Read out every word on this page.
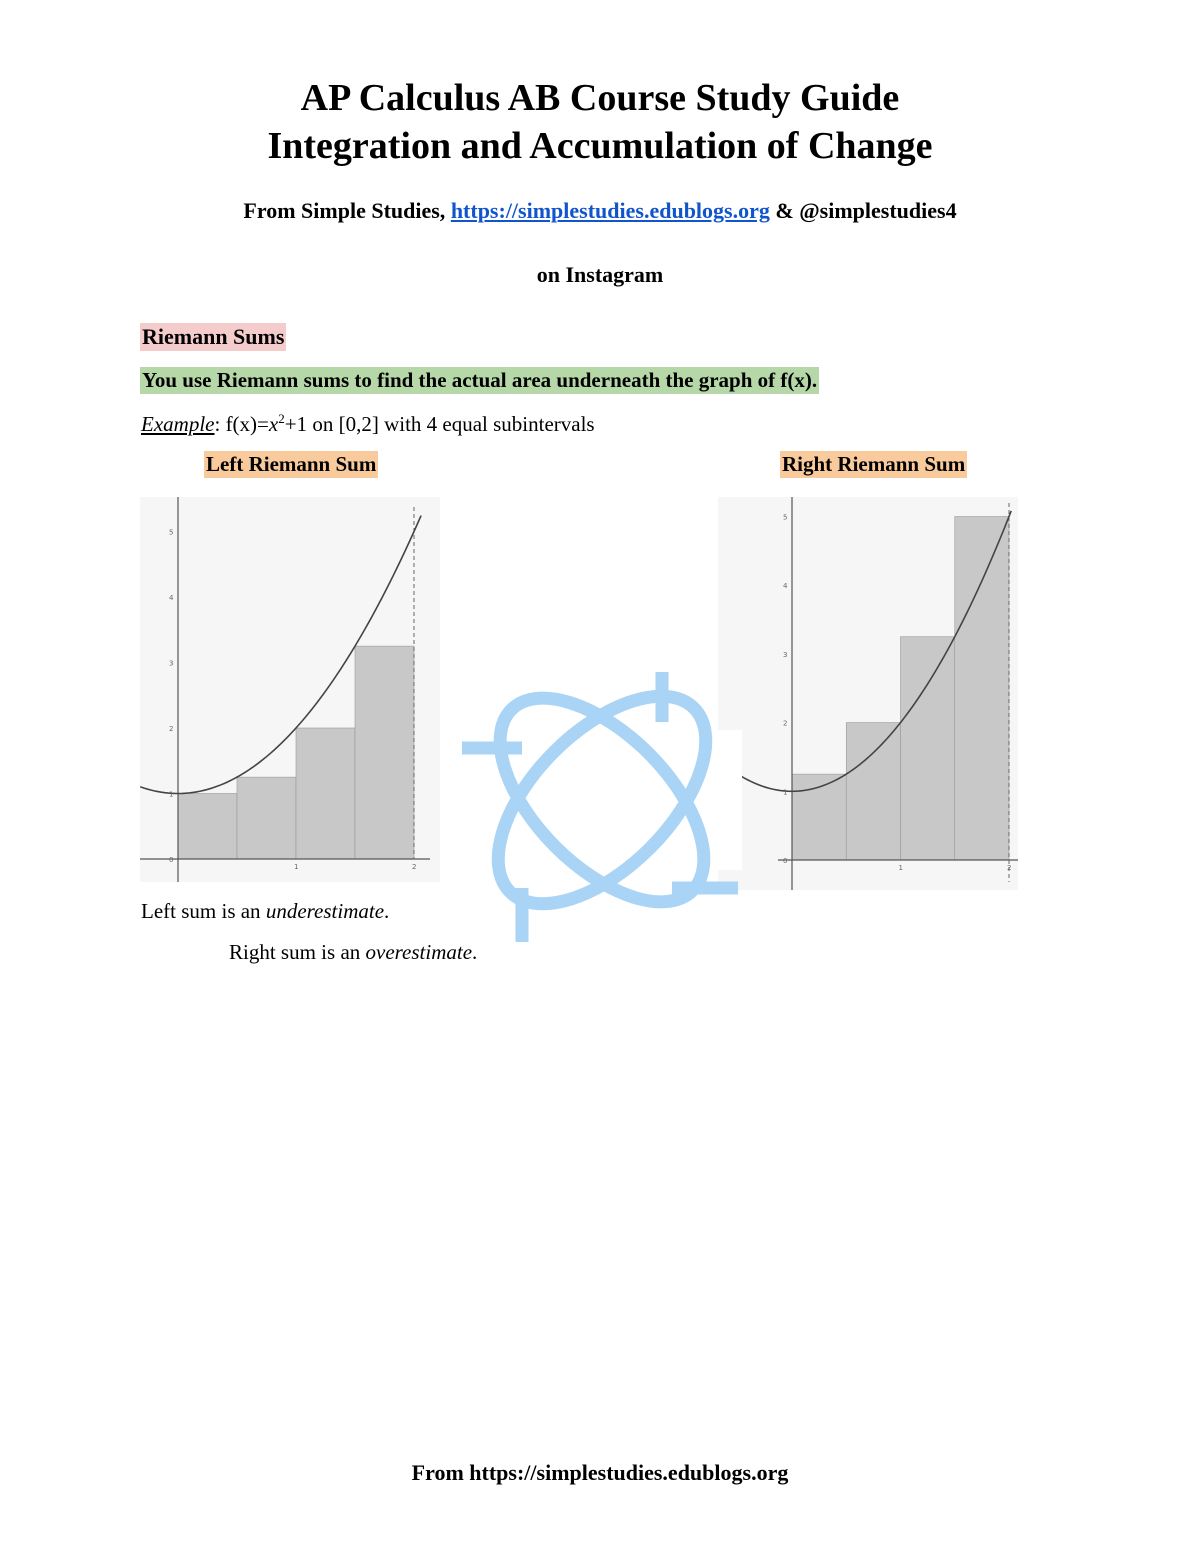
AP Calculus AB Course Study Guide
Integration and Accumulation of Change
From Simple Studies, https://simplestudies.edublogs.org & @simplestudies4
on Instagram
Riemann Sums
You use Riemann sums to find the actual area underneath the graph of f(x).
Example: $f(x)=x^2+1$ on [0,2] with 4 equal subintervals
Left Riemann Sum	Right Riemann Sum
5
4
3
2
1
0
1	2
5
4
3
2
1
0
1	2
Left sum is an underestimate.
Right sum is an overestimate.
From https://simplestudies.edublogs.org
